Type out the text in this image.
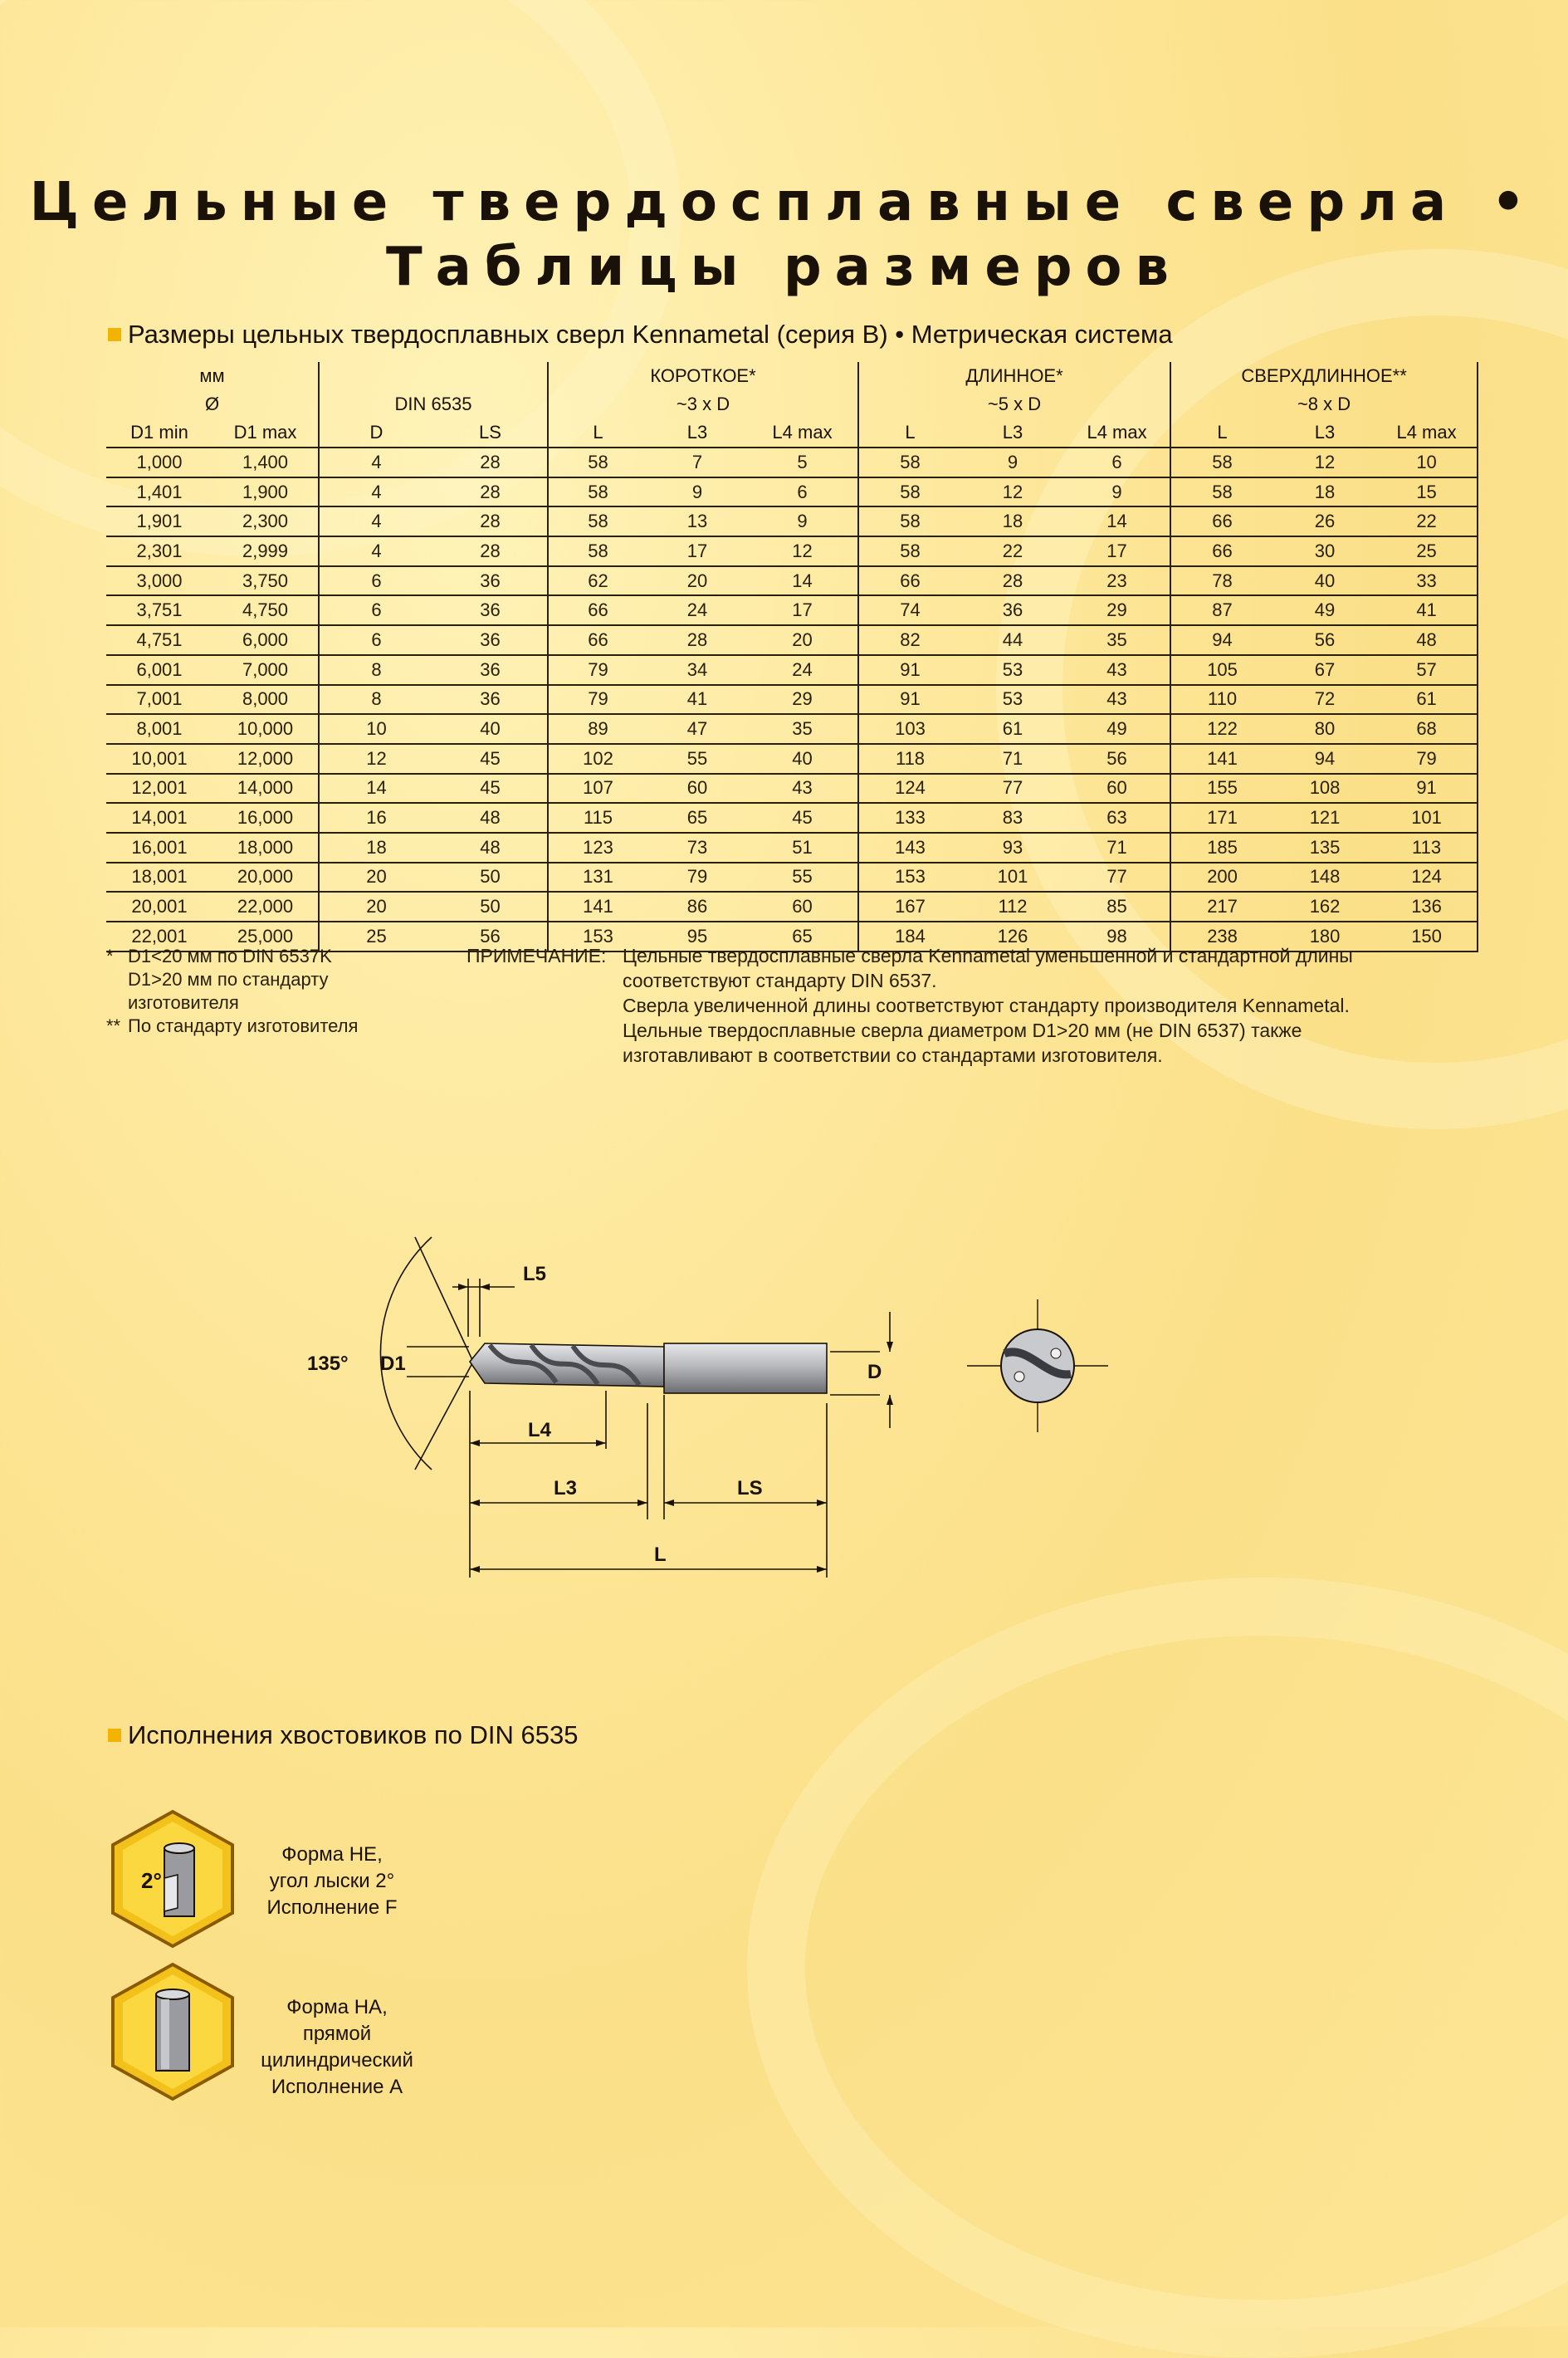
Цельные твердосплавные сверла •
Таблицы размеров
Размеры цельных твердосплавных сверл Kennametal (серия B) • Метрическая система
мм				КОРОТКОЕ*			ДЛИННОЕ*			СВЕРХДЛИННОЕ**		
Ø		DIN 6535		~3 x D			~5 x D			~8 x D		
D1 min	D1 max	D	LS	L	L3	L4 max	L	L3	L4 max	L	L3	L4 max
1,000	1,400	4	28	58	7	5	58	9	6	58	12	10
1,401	1,900	4	28	58	9	6	58	12	9	58	18	15
1,901	2,300	4	28	58	13	9	58	18	14	66	26	22
2,301	2,999	4	28	58	17	12	58	22	17	66	30	25
3,000	3,750	6	36	62	20	14	66	28	23	78	40	33
3,751	4,750	6	36	66	24	17	74	36	29	87	49	41
4,751	6,000	6	36	66	28	20	82	44	35	94	56	48
6,001	7,000	8	36	79	34	24	91	53	43	105	67	57
7,001	8,000	8	36	79	41	29	91	53	43	110	72	61
8,001	10,000	10	40	89	47	35	103	61	49	122	80	68
10,001	12,000	12	45	102	55	40	118	71	56	141	94	79
12,001	14,000	14	45	107	60	43	124	77	60	155	108	91
14,001	16,000	16	48	115	65	45	133	83	63	171	121	101
16,001	18,000	18	48	123	73	51	143	93	71	185	135	113
18,001	20,000	20	50	131	79	55	153	101	77	200	148	124
20,001	22,000	20	50	141	86	60	167	112	85	217	162	136
22,001	25,000	25	56	153	95	65	184	126	98	238	180	150
* D1<20 мм по DIN 6537K
D1>20 мм по стандарту
изготовителя
** По стандарту изготовителя
ПРИМЕЧАНИЕ: Цельные твердосплавные сверла Kennametal уменьшенной и стандартной длины
соответствуют стандарту DIN 6537.
Сверла увеличенной длины соответствуют стандарту производителя Kennametal.
Цельные твердосплавные сверла диаметром D1>20 мм (не DIN 6537) также
изготавливают в соответствии со стандартами изготовителя.
135° D1
L5
D
L4
L3	LS
L
Исполнения хвостовиков по DIN 6535
2°
Форма HE,
угол лыски 2°
Исполнение F
Форма HA,
прямой
цилиндрический
Исполнение A
